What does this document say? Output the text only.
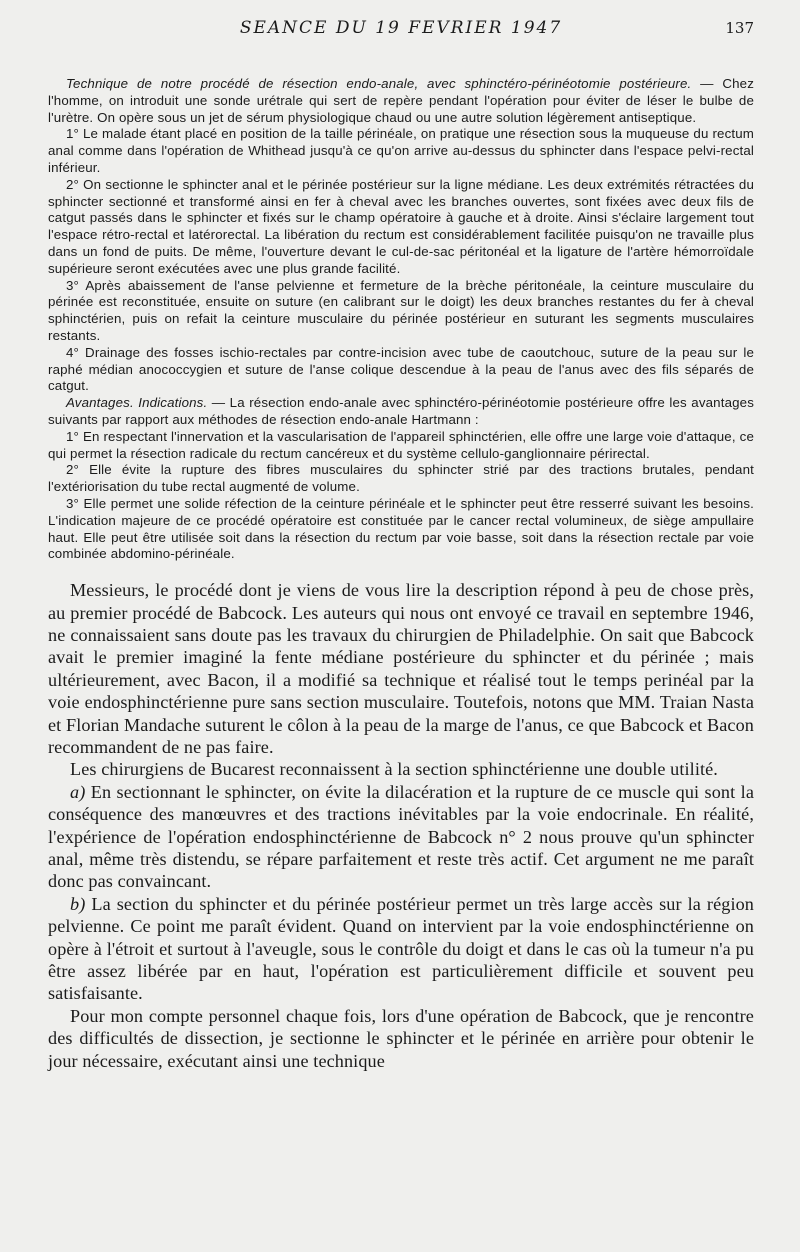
SEANCE DU 19 FEVRIER 1947	137

Technique de notre procédé de résection endo-anale, avec sphinctéro-périnéotomie postérieure. — Chez l'homme, on introduit une sonde urétrale qui sert de repère pendant l'opération pour éviter de léser le bulbe de l'urètre. On opère sous un jet de sérum physiologique chaud ou une autre solution légèrement antiseptique.

1° Le malade étant placé en position de la taille périnéale, on pratique une résection sous la muqueuse du rectum anal comme dans l'opération de Whithead jusqu'à ce qu'on arrive au-dessus du sphincter dans l'espace pelvi-rectal inférieur.

2° On sectionne le sphincter anal et le périnée postérieur sur la ligne médiane. Les deux extrémités rétractées du sphincter sectionné et transformé ainsi en fer à cheval avec les branches ouvertes, sont fixées avec deux fils de catgut passés dans le sphincter et fixés sur le champ opératoire à gauche et à droite. Ainsi s'éclaire largement tout l'espace rétro-rectal et latérorectal. La libération du rectum est considérablement facilitée puisqu'on ne travaille plus dans un fond de puits. De même, l'ouverture devant le cul-de-sac péritonéal et la ligature de l'artère hémorroïdale supérieure seront exécutées avec une plus grande facilité.

3° Après abaissement de l'anse pelvienne et fermeture de la brèche péritonéale, la ceinture musculaire du périnée est reconstituée, ensuite on suture (en calibrant sur le doigt) les deux branches restantes du fer à cheval sphinctérien, puis on refait la ceinture musculaire du périnée postérieur en suturant les segments musculaires restants.

4° Drainage des fosses ischio-rectales par contre-incision avec tube de caoutchouc, suture de la peau sur le raphé médian anococcygien et suture de l'anse colique descendue à la peau de l'anus avec des fils séparés de catgut.

Avantages. Indications. — La résection endo-anale avec sphinctéro-périnéotomie postérieure offre les avantages suivants par rapport aux méthodes de résection endo-anale Hartmann :

1° En respectant l'innervation et la vascularisation de l'appareil sphinctérien, elle offre une large voie d'attaque, ce qui permet la résection radicale du rectum cancéreux et du système cellulo-ganglionnaire périrectal.

2° Elle évite la rupture des fibres musculaires du sphincter strié par des tractions brutales, pendant l'extériorisation du tube rectal augmenté de volume.

3° Elle permet une solide réfection de la ceinture périnéale et le sphincter peut être resserré suivant les besoins. L'indication majeure de ce procédé opératoire est constituée par le cancer rectal volumineux, de siège ampullaire haut. Elle peut être utilisée soit dans la résection du rectum par voie basse, soit dans la résection rectale par voie combinée abdomino-périnéale.

Messieurs, le procédé dont je viens de vous lire la description répond à peu de chose près, au premier procédé de Babcock. Les auteurs qui nous ont envoyé ce travail en septembre 1946, ne connaissaient sans doute pas les travaux du chirurgien de Philadelphie. On sait que Babcock avait le premier imaginé la fente médiane postérieure du sphincter et du périnée ; mais ultérieurement, avec Bacon, il a modifié sa technique et réalisé tout le temps perinéal par la voie endosphinctérienne pure sans section musculaire. Toutefois, notons que MM. Traian Nasta et Florian Mandache suturent le côlon à la peau de la marge de l'anus, ce que Babcock et Bacon recommandent de ne pas faire.

Les chirurgiens de Bucarest reconnaissent à la section sphinctérienne une double utilité.

a) En sectionnant le sphincter, on évite la dilacération et la rupture de ce muscle qui sont la conséquence des manœuvres et des tractions inévitables par la voie endocrinale. En réalité, l'expérience de l'opération endosphinctérienne de Babcock n° 2 nous prouve qu'un sphincter anal, même très distendu, se répare parfaitement et reste très actif. Cet argument ne me paraît donc pas convaincant.

b) La section du sphincter et du périnée postérieur permet un très large accès sur la région pelvienne. Ce point me paraît évident. Quand on intervient par la voie endosphinctérienne on opère à l'étroit et surtout à l'aveugle, sous le contrôle du doigt et dans le cas où la tumeur n'a pu être assez libérée par en haut, l'opération est particulièrement difficile et souvent peu satisfaisante.

Pour mon compte personnel chaque fois, lors d'une opération de Babcock, que je rencontre des difficultés de dissection, je sectionne le sphincter et le périnée en arrière pour obtenir le jour nécessaire, exécutant ainsi une technique
